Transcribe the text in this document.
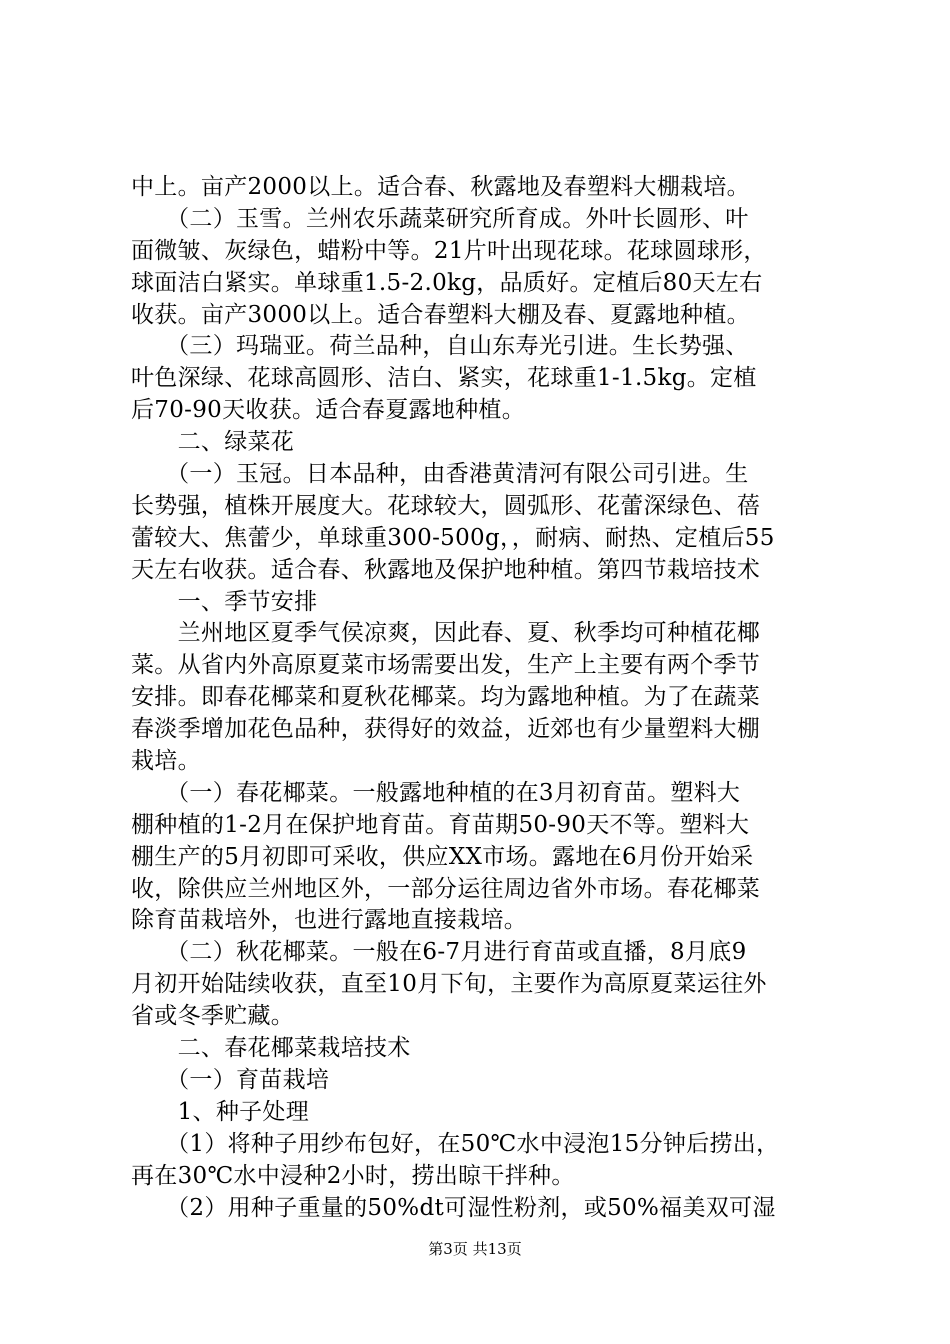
中上。亩产2000以上。适合春、秋露地及春塑料大棚栽培。
　　（二）玉雪。兰州农乐蔬菜研究所育成。外叶长圆形、叶
面微皱、灰绿色，蜡粉中等。21片叶出现花球。花球圆球形，
球面洁白紧实。单球重1.5-2.0kg，品质好。定植后80天左右
收获。亩产3000以上。适合春塑料大棚及春、夏露地种植。
　　（三）玛瑞亚。荷兰品种，自山东寿光引进。生长势强、
叶色深绿、花球高圆形、洁白、紧实，花球重1-1.5kg。定植
后70-90天收获。适合春夏露地种植。
　　二、绿菜花
　　（一）玉冠。日本品种，由香港黄清河有限公司引进。生
长势强，植株开展度大。花球较大，圆弧形、花蕾深绿色、蓓
蕾较大、焦蕾少，单球重300-500g，，耐病、耐热、定植后55
天左右收获。适合春、秋露地及保护地种植。第四节栽培技术
　　一、季节安排
　　兰州地区夏季气侯凉爽，因此春、夏、秋季均可种植花椰
菜。从省内外高原夏菜市场需要出发，生产上主要有两个季节
安排。即春花椰菜和夏秋花椰菜。均为露地种植。为了在蔬菜
春淡季增加花色品种，获得好的效益，近郊也有少量塑料大棚
栽培。
　　（一）春花椰菜。一般露地种植的在3月初育苗。塑料大
棚种植的1-2月在保护地育苗。育苗期50-90天不等。塑料大
棚生产的5月初即可采收，供应XX市场。露地在6月份开始采
收，除供应兰州地区外，一部分运往周边省外市场。春花椰菜
除育苗栽培外，也进行露地直接栽培。
　　（二）秋花椰菜。一般在6-7月进行育苗或直播，8月底9
月初开始陆续收获，直至10月下旬，主要作为高原夏菜运往外
省或冬季贮藏。
　　二、春花椰菜栽培技术
　　（一）育苗栽培
　　1、种子处理
　　（1）将种子用纱布包好，在50℃水中浸泡15分钟后捞出，
再在30℃水中浸种2小时，捞出晾干拌种。
　　（2）用种子重量的50%dt可湿性粉剂，或50%福美双可湿
第3页 共13页
